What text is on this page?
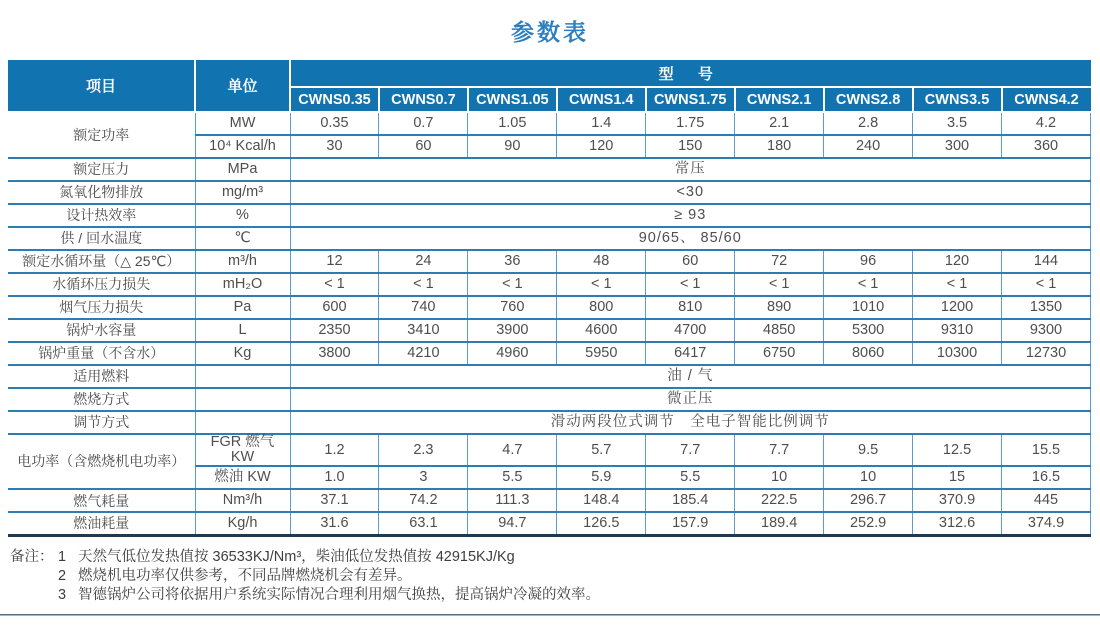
参数表
项目	单位	型 号								
		CWNS0.35	CWNS0.7	CWNS1.05	CWNS1.4	CWNS1.75	CWNS2.1	CWNS2.8	CWNS3.5	CWNS4.2
额定功率	MW	0.35	0.7	1.05	1.4	1.75	2.1	2.8	3.5	4.2
	10⁴ Kcal/h	30	60	90	120	150	180	240	300	360
额定压力	MPa	常压								
氮氧化物排放	mg/m³	<30								
设计热效率	%	≥ 93								
供 / 回水温度	℃	90/65、 85/60								
额定水循环量（△ 25℃）	m³/h	12	24	36	48	60	72	96	120	144
水循环压力损失	mH₂O	< 1	< 1	< 1	< 1	< 1	< 1	< 1	< 1	< 1
烟气压力损失	Pa	600	740	760	800	810	890	1010	1200	1350
锅炉水容量	L	2350	3410	3900	4600	4700	4850	5300	9310	9300
锅炉重量（不含水）	Kg	3800	4210	4960	5950	6417	6750	8060	10300	12730
适用燃料		油 / 气								
燃烧方式		微正压								
调节方式		滑动两段位式调节　全电子智能比例调节								
电功率（含燃烧机电功率）	FGR 燃气 KW	1.2	2.3	4.7	5.7	7.7	7.7	9.5	12.5	15.5
	燃油 KW	1.0	3	5.5	5.9	5.5	10	10	15	16.5
燃气耗量	Nm³/h	37.1	74.2	111.3	148.4	185.4	222.5	296.7	370.9	445
燃油耗量	Kg/h	31.6	63.1	94.7	126.5	157.9	189.4	252.9	312.6	374.9
备注： 1 天然气低位发热值按 36533KJ/Nm³，柴油低位发热值按 42915KJ/Kg
2 燃烧机电功率仅供参考，不同品牌燃烧机会有差异。
3 智德锅炉公司将依据用户系统实际情况合理利用烟气换热，提高锅炉冷凝的效率。
